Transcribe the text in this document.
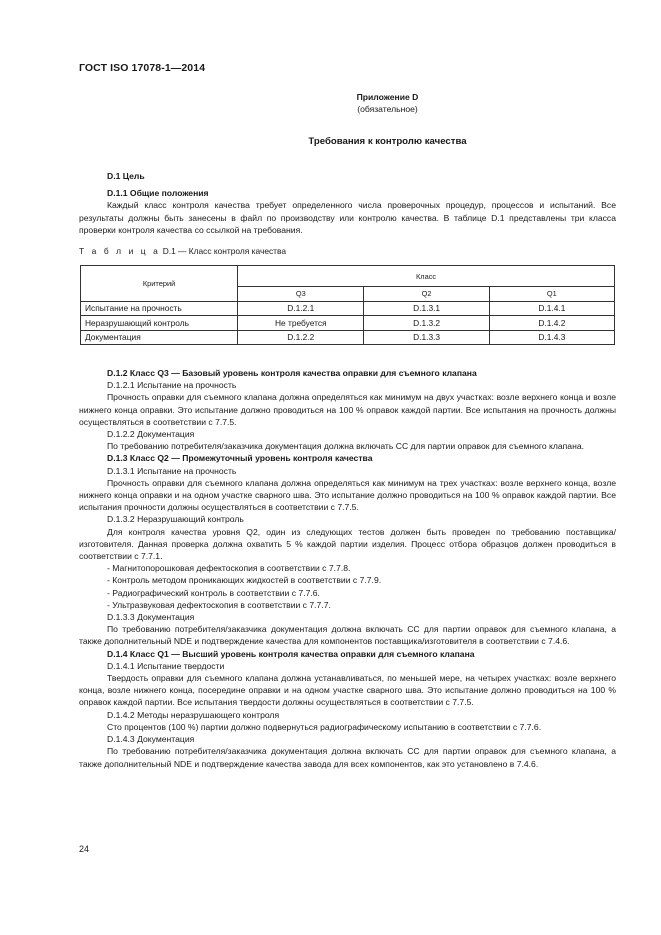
ГОСТ ISO 17078-1—2014
Приложение D
(обязательное)
Требования к контролю качества

D.1 Цель

D.1.1 Общие положения

Каждый класс контроля качества требует определенного числа проверочных процедур, процессов и испытаний. Все результаты должны быть занесены в файл по производству или контролю качества. В таблице D.1 представлены три класса проверки контроля качества со ссылкой на требования.

Т а б л и ц а D.1 — Класс контроля качества
Критерий	Класс		
	Q3	Q2	Q1
Испытание на прочность	D.1.2.1	D.1.3.1	D.1.4.1
Неразрушающий контроль	Не требуется	D.1.3.2	D.1.4.2
Документация	D.1.2.2	D.1.3.3	D.1.4.3

D.1.2 Класс Q3 — Базовый уровень контроля качества оправки для съемного клапана

D.1.2.1 Испытание на прочность

Прочность оправки для съемного клапана должна определяться как минимум на двух участках: возле верхнего конца и возле нижнего конца оправки. Это испытание должно проводиться на 100 % оправок каждой партии. Все испытания на прочность должны осуществляться в соответствии с 7.7.5.

D.1.2.2 Документация

По требованию потребителя/заказчика документация должна включать СС для партии оправок для съемного клапана.

D.1.3 Класс Q2 — Промежуточный уровень контроля качества

D.1.3.1 Испытание на прочность

Прочность оправки для съемного клапана должна определяться как минимум на трех участках: возле верхнего конца, возле нижнего конца оправки и на одном участке сварного шва. Это испытание должно проводиться на 100 % оправок каждой партии. Все испытания прочности должны осуществляться в соответствии с 7.7.5.

D.1.3.2 Неразрушающий контроль

Для контроля качества уровня Q2, один из следующих тестов должен быть проведен по требованию поставщика/изготовителя. Данная проверка должна охватить 5 % каждой партии изделия. Процесс отбора образцов должен проводиться в соответствии с 7.7.1.

- Магнитопорошковая дефектоскопия в соответствии с 7.7.8.

- Контроль методом проникающих жидкостей в соответствии с 7.7.9.

- Радиографический контроль в соответствии с 7.7.6.

- Ультразвуковая дефектоскопия в соответствии с 7.7.7.

D.1.3.3 Документация

По требованию потребителя/заказчика документация должна включать СС для партии оправок для съемного клапана, а также дополнительный NDE и подтверждение качества для компонентов поставщика/изготовителя в соответствии с 7.4.6.

D.1.4 Класс Q1 — Высший уровень контроля качества оправки для съемного клапана

D.1.4.1 Испытание твердости

Твердость оправки для съемного клапана должна устанавливаться, по меньшей мере, на четырех участках: возле верхнего конца, возле нижнего конца, посередине оправки и на одном участке сварного шва. Это испытание должно проводиться на 100 % оправок каждой партии. Все испытания твердости должны осуществляться в соответствии с 7.7.5.

D.1.4.2 Методы неразрушающего контроля

Сто процентов (100 %) партии должно подвернуться радиографическому испытанию в соответствии с 7.7.6.

D.1.4.3 Документация

По требованию потребителя/заказчика документация должна включать СС для партии оправок для съемного клапана, а также дополнительный NDE и подтверждение качества завода для всех компонентов, как это установлено в 7.4.6.

24
